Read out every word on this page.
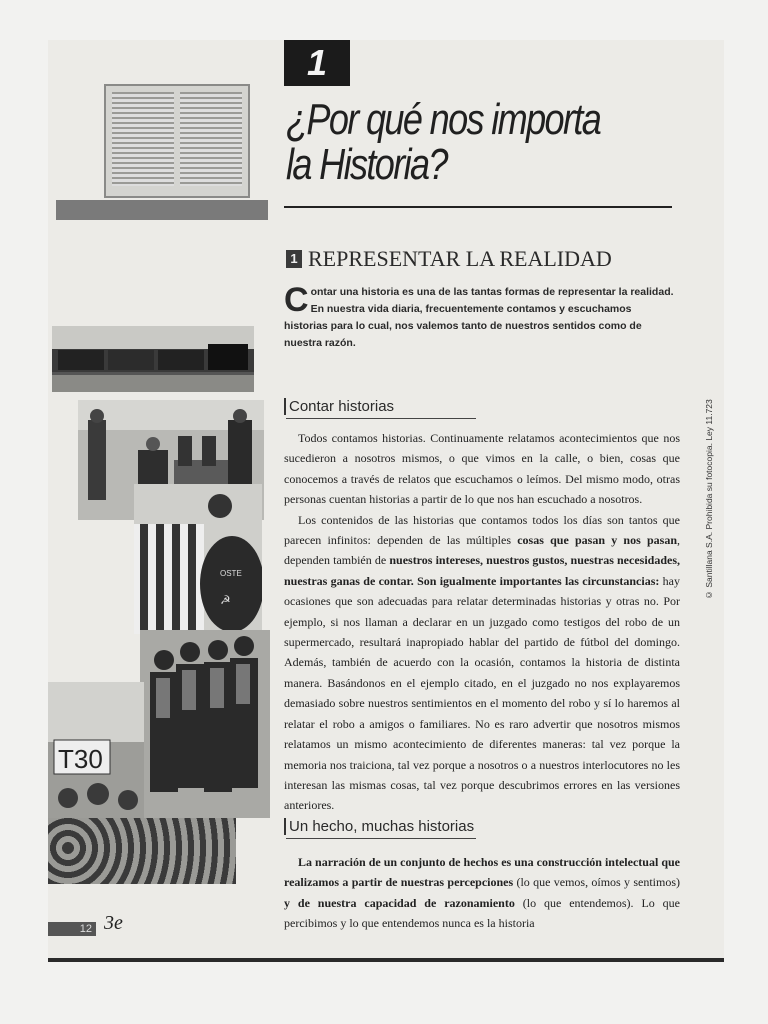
1
¿Por qué nos importa
la Historia?
1 REPRESENTAR LA REALIDAD
Contar una historia es una de las tantas formas de representar la realidad. En nuestra vida diaria, frecuentemente contamos y escuchamos historias para lo cual, nos valemos tanto de nuestros sentidos como de nuestra razón.
OSTE
☭
T30
Contar historias

Todos contamos historias. Continuamente relatamos acontecimientos que nos sucedieron a nosotros mismos, o que vimos en la calle, o bien, cosas que conocemos a través de relatos que escuchamos o leímos. Del mismo modo, otras personas cuentan historias a partir de lo que nos han escuchado a nosotros.

Los contenidos de las historias que contamos todos los días son tantos que parecen infinitos: dependen de las múltiples cosas que pasan y nos pasan, dependen también de nuestros intereses, nuestros gustos, nuestras necesidades, nuestras ganas de contar. Son igualmente importantes las circunstancias: hay ocasiones que son adecuadas para relatar determinadas historias y otras no. Por ejemplo, si nos llaman a declarar en un juzgado como testigos del robo de un supermercado, resultará inapropiado hablar del partido de fútbol del domingo. Además, también de acuerdo con la ocasión, contamos la historia de distinta manera. Basándonos en el ejemplo citado, en el juzgado no nos explayaremos demasiado sobre nuestros sentimientos en el momento del robo y sí lo haremos al relatar el robo a amigos o familiares. No es raro advertir que nosotros mismos relatamos un mismo acontecimiento de diferentes maneras: tal vez porque la memoria nos traiciona, tal vez porque a nosotros o a nuestros interlocutores no les interesan las mismas cosas, tal vez porque descubrimos errores en las versiones anteriores.

Un hecho, muchas historias

La narración de un conjunto de hechos es una construcción intelectual que realizamos a partir de nuestras percepciones (lo que vemos, oímos y sentimos) y de nuestra capacidad de razonamiento (lo que entendemos). Lo que percibimos y lo que entendemos nunca es la historia

© Santillana S.A. Prohibida su fotocopia. Ley 11.723
12 3e
